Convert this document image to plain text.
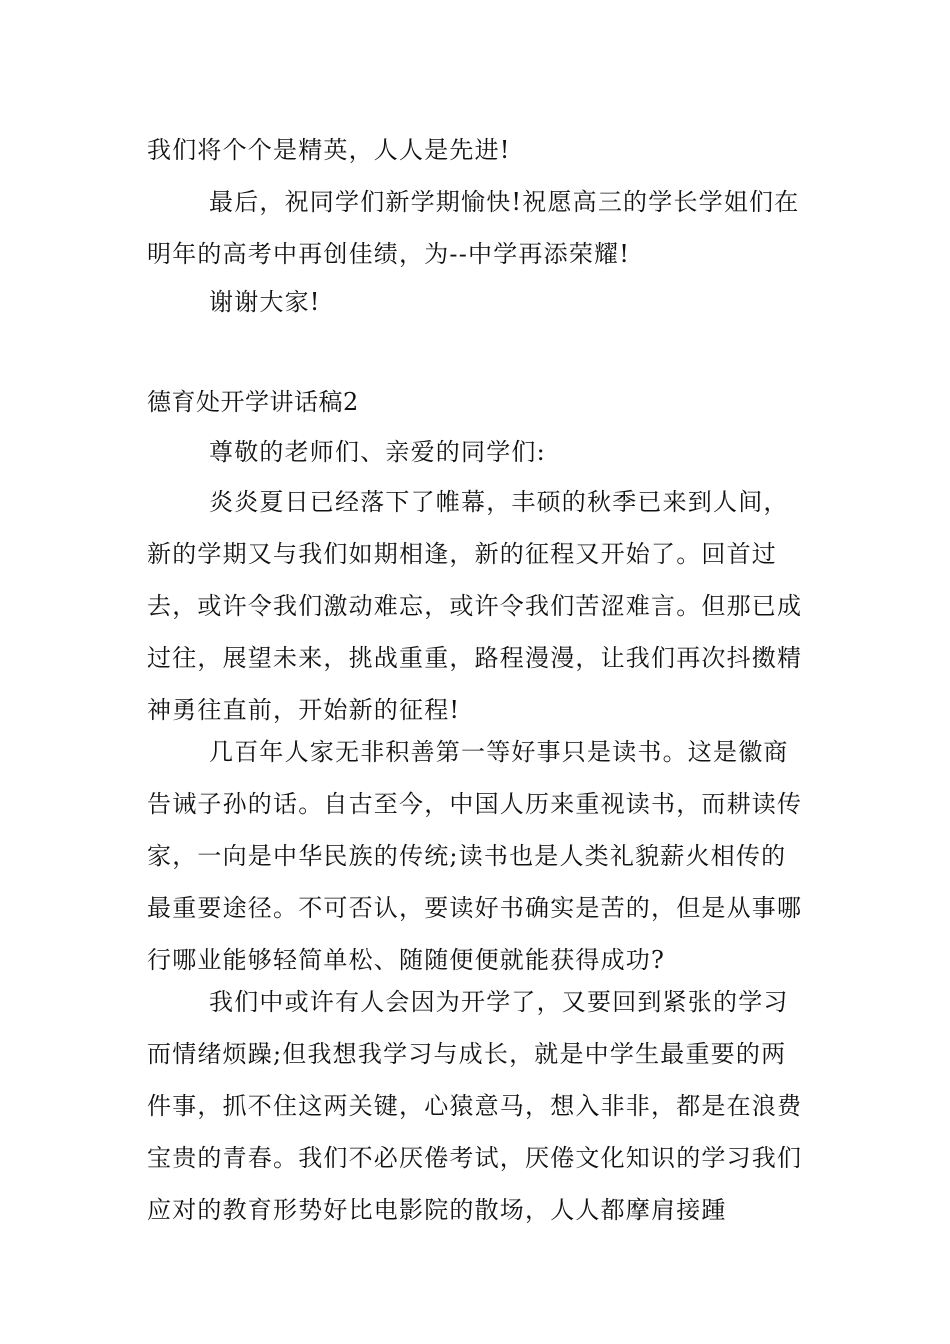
我们将个个是精英，人人是先进!

最后，祝同学们新学期愉快!祝愿高三的学长学姐们在明年的高考中再创佳绩，为--中学再添荣耀!

谢谢大家!

德育处开学讲话稿2

尊敬的老师们、亲爱的同学们:

炎炎夏日已经落下了帷幕，丰硕的秋季已来到人间，新的学期又与我们如期相逢，新的征程又开始了。回首过去，或许令我们激动难忘，或许令我们苦涩难言。但那已成过往，展望未来，挑战重重，路程漫漫，让我们再次抖擞精神勇往直前，开始新的征程!

几百年人家无非积善第一等好事只是读书。这是徽商告诫子孙的话。自古至今，中国人历来重视读书，而耕读传家，一向是中华民族的传统;读书也是人类礼貌薪火相传的最重要途径。不可否认，要读好书确实是苦的，但是从事哪行哪业能够轻简单松、随随便便就能获得成功?

我们中或许有人会因为开学了，又要回到紧张的学习而情绪烦躁;但我想我学习与成长，就是中学生最重要的两件事，抓不住这两关键，心猿意马，想入非非，都是在浪费宝贵的青春。我们不必厌倦考试，厌倦文化知识的学习我们应对的教育形势好比电影院的散场，人人都摩肩接踵
